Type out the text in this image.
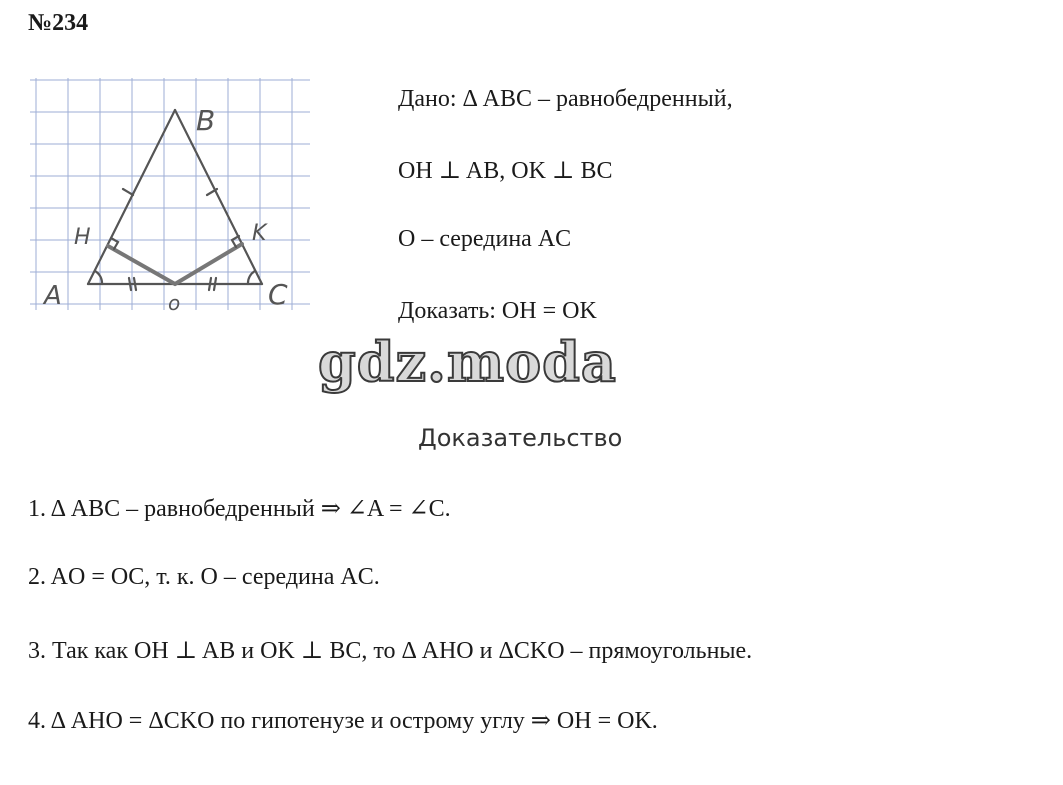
№234
B
H	K
A	C
o
Дано: Δ ABC – равнобедренный,
OH ⊥ AB, OK ⊥ BC
O – середина AC
Доказать: OH = OK
gdz.moda
Доказательство
1. Δ ABC – равнобедренный ⇒ ∠A = ∠C.
2. AO = OC, т. к. O – середина AC.
3. Так как OH ⊥ AB и OK ⊥ BC, то Δ AHO и ΔCKO – прямоугольные.
4. Δ AHO = ΔCKO по гипотенузе и острому углу ⇒ OH = OK.
